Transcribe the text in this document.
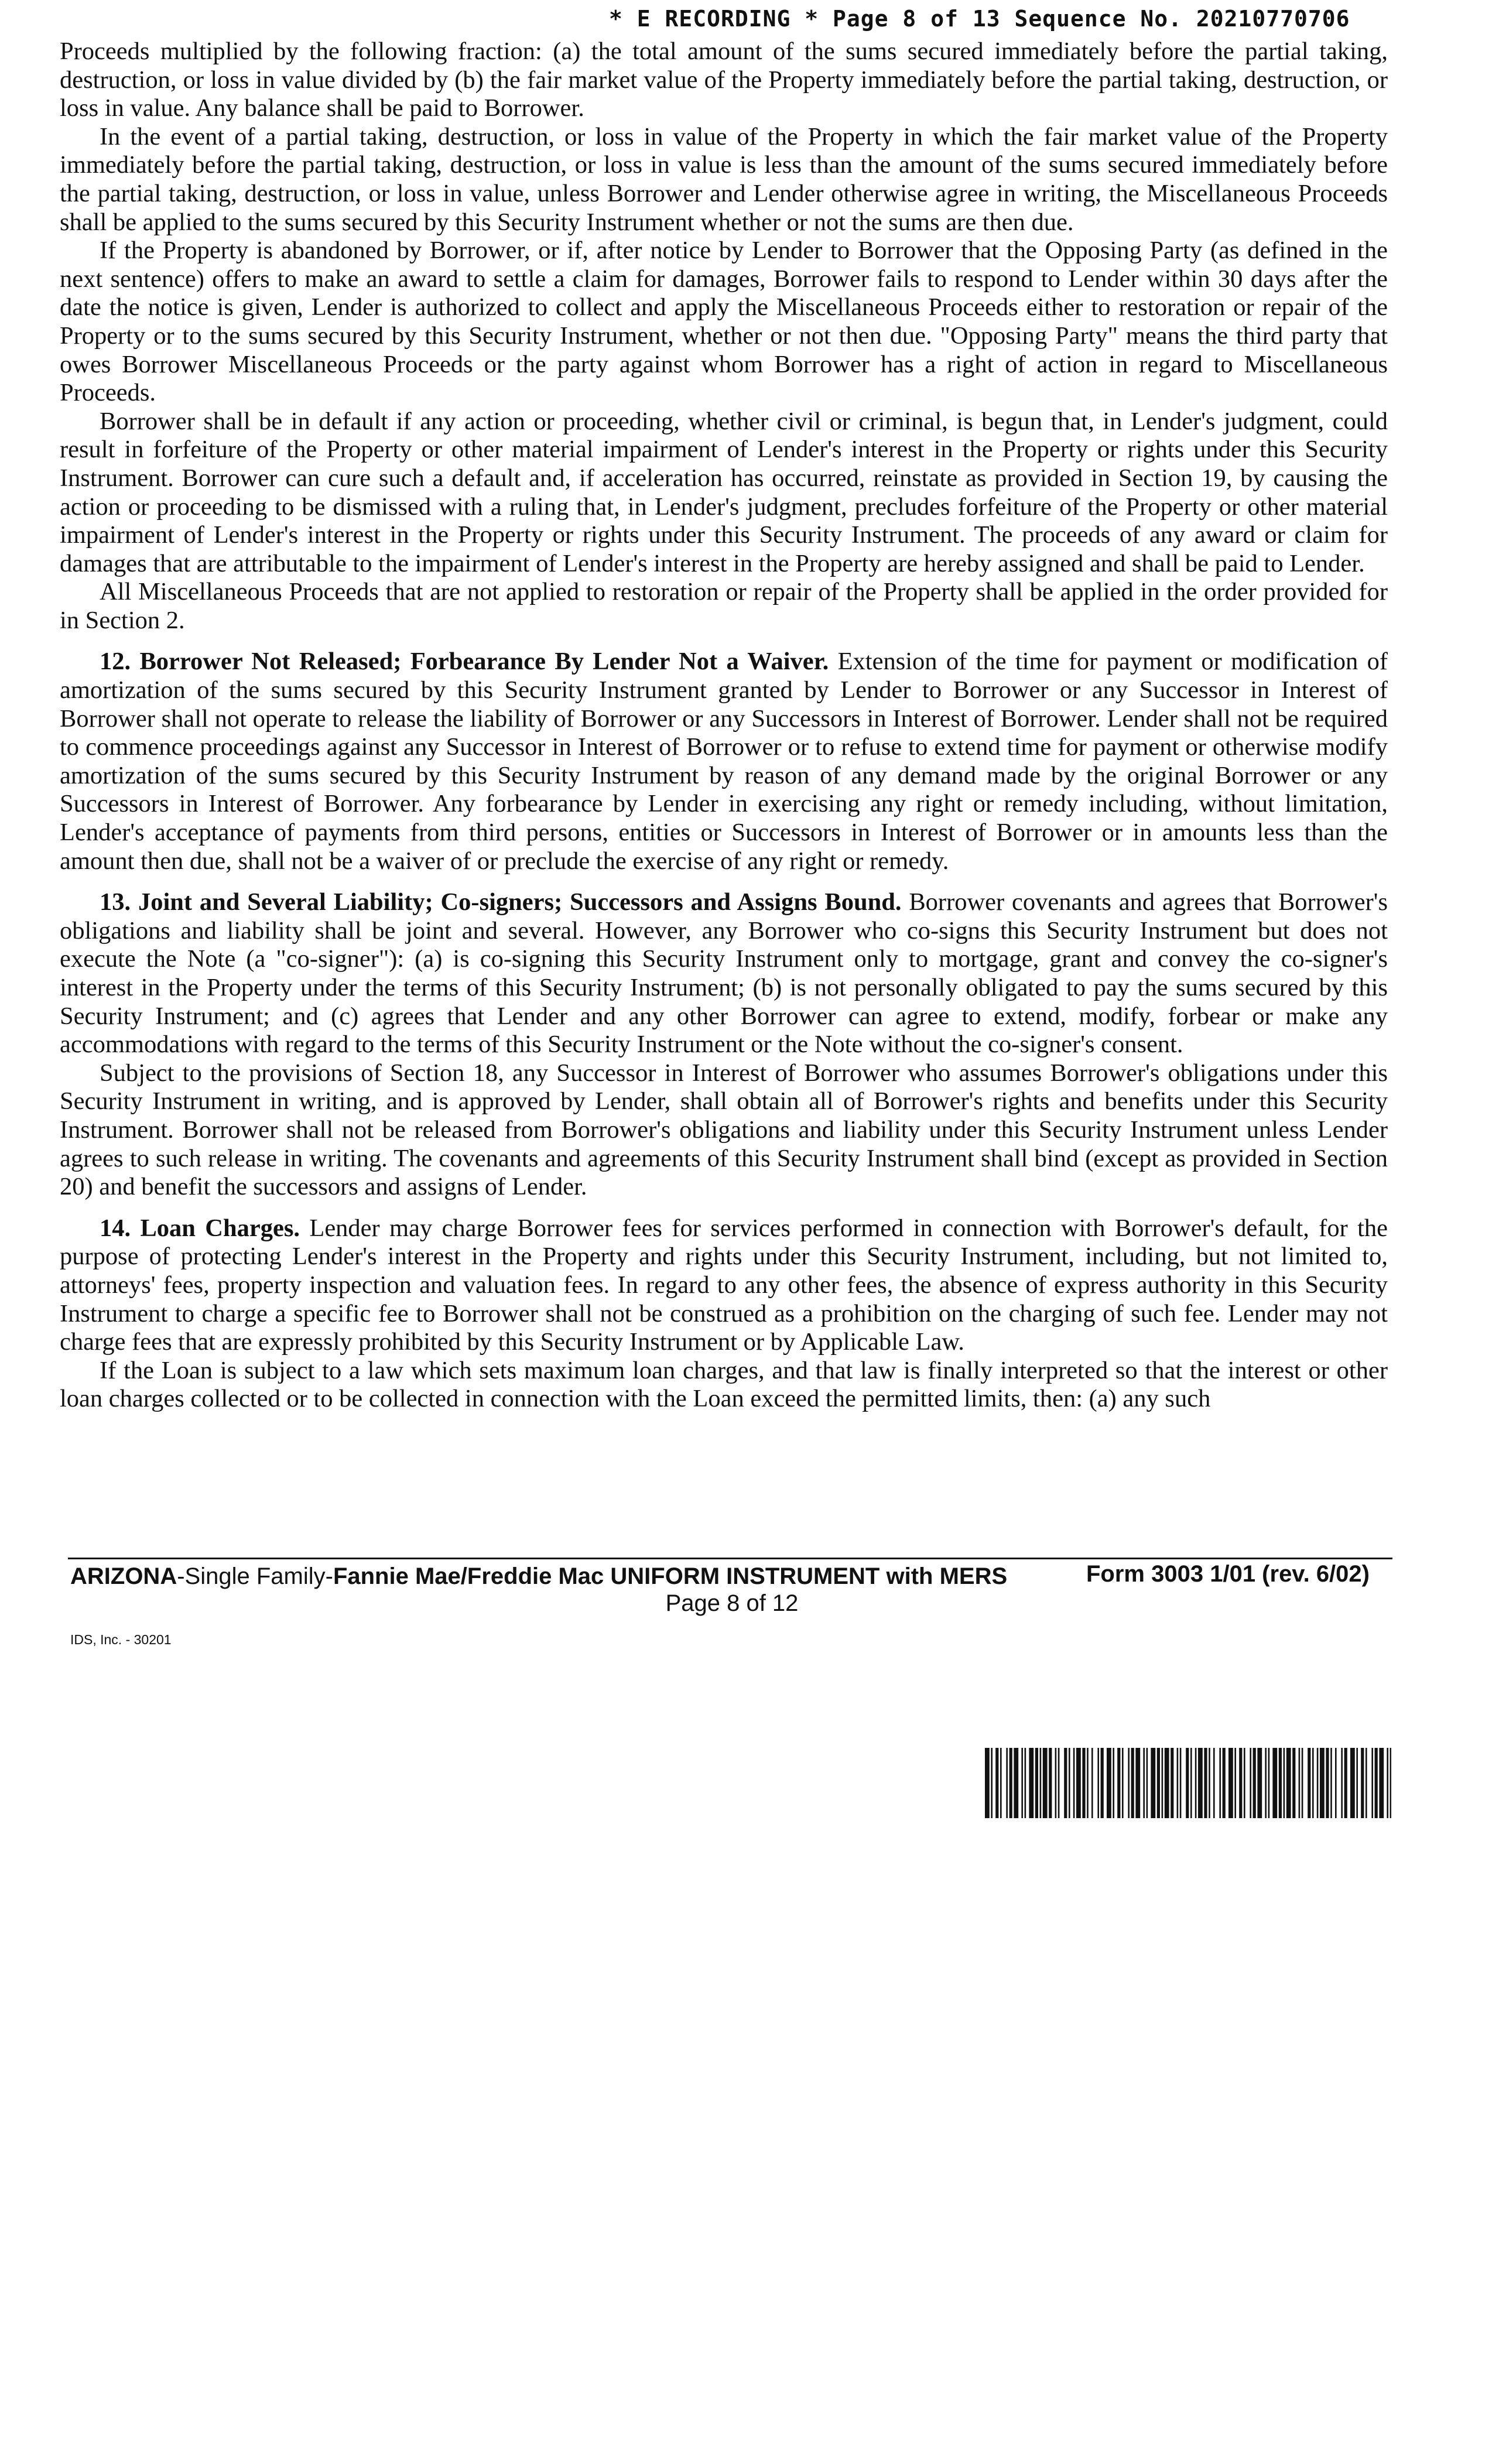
* E RECORDING * Page 8 of 13 Sequence No. 20210770706

Proceeds multiplied by the following fraction: (a) the total amount of the sums secured immediately before the partial taking, destruction, or loss in value divided by (b) the fair market value of the Property immediately before the partial taking, destruction, or loss in value. Any balance shall be paid to Borrower.

In the event of a partial taking, destruction, or loss in value of the Property in which the fair market value of the Property immediately before the partial taking, destruction, or loss in value is less than the amount of the sums secured immediately before the partial taking, destruction, or loss in value, unless Borrower and Lender otherwise agree in writing, the Miscellaneous Proceeds shall be applied to the sums secured by this Security Instrument whether or not the sums are then due.

If the Property is abandoned by Borrower, or if, after notice by Lender to Borrower that the Opposing Party (as defined in the next sentence) offers to make an award to settle a claim for damages, Borrower fails to respond to Lender within 30 days after the date the notice is given, Lender is authorized to collect and apply the Miscellaneous Proceeds either to restoration or repair of the Property or to the sums secured by this Security Instrument, whether or not then due. "Opposing Party" means the third party that owes Borrower Miscellaneous Proceeds or the party against whom Borrower has a right of action in regard to Miscellaneous Proceeds.

Borrower shall be in default if any action or proceeding, whether civil or criminal, is begun that, in Lender's judgment, could result in forfeiture of the Property or other material impairment of Lender's interest in the Property or rights under this Security Instrument. Borrower can cure such a default and, if acceleration has occurred, reinstate as provided in Section 19, by causing the action or proceeding to be dismissed with a ruling that, in Lender's judgment, precludes forfeiture of the Property or other material impairment of Lender's interest in the Property or rights under this Security Instrument. The proceeds of any award or claim for damages that are attributable to the impairment of Lender's interest in the Property are hereby assigned and shall be paid to Lender.

All Miscellaneous Proceeds that are not applied to restoration or repair of the Property shall be applied in the order provided for in Section 2.

12. Borrower Not Released; Forbearance By Lender Not a Waiver. Extension of the time for payment or modification of amortization of the sums secured by this Security Instrument granted by Lender to Borrower or any Successor in Interest of Borrower shall not operate to release the liability of Borrower or any Successors in Interest of Borrower. Lender shall not be required to commence proceedings against any Successor in Interest of Borrower or to refuse to extend time for payment or otherwise modify amortization of the sums secured by this Security Instrument by reason of any demand made by the original Borrower or any Successors in Interest of Borrower. Any forbearance by Lender in exercising any right or remedy including, without limitation, Lender's acceptance of payments from third persons, entities or Successors in Interest of Borrower or in amounts less than the amount then due, shall not be a waiver of or preclude the exercise of any right or remedy.

13. Joint and Several Liability; Co-signers; Successors and Assigns Bound. Borrower covenants and agrees that Borrower's obligations and liability shall be joint and several. However, any Borrower who co-signs this Security Instrument but does not execute the Note (a "co-signer"): (a) is co-signing this Security Instrument only to mortgage, grant and convey the co-signer's interest in the Property under the terms of this Security Instrument; (b) is not personally obligated to pay the sums secured by this Security Instrument; and (c) agrees that Lender and any other Borrower can agree to extend, modify, forbear or make any accommodations with regard to the terms of this Security Instrument or the Note without the co-signer's consent.

Subject to the provisions of Section 18, any Successor in Interest of Borrower who assumes Borrower's obligations under this Security Instrument in writing, and is approved by Lender, shall obtain all of Borrower's rights and benefits under this Security Instrument. Borrower shall not be released from Borrower's obligations and liability under this Security Instrument unless Lender agrees to such release in writing. The covenants and agreements of this Security Instrument shall bind (except as provided in Section 20) and benefit the successors and assigns of Lender.

14. Loan Charges. Lender may charge Borrower fees for services performed in connection with Borrower's default, for the purpose of protecting Lender's interest in the Property and rights under this Security Instrument, including, but not limited to, attorneys' fees, property inspection and valuation fees. In regard to any other fees, the absence of express authority in this Security Instrument to charge a specific fee to Borrower shall not be construed as a prohibition on the charging of such fee. Lender may not charge fees that are expressly prohibited by this Security Instrument or by Applicable Law.

If the Loan is subject to a law which sets maximum loan charges, and that law is finally interpreted so that the interest or other loan charges collected or to be collected in connection with the Loan exceed the permitted limits, then: (a) any such

ARIZONA-Single Family-Fannie Mae/Freddie Mac UNIFORM INSTRUMENT with MERS	Form 3003 1/01 (rev. 6/02)
Page 8 of 12
IDS, Inc. - 30201
